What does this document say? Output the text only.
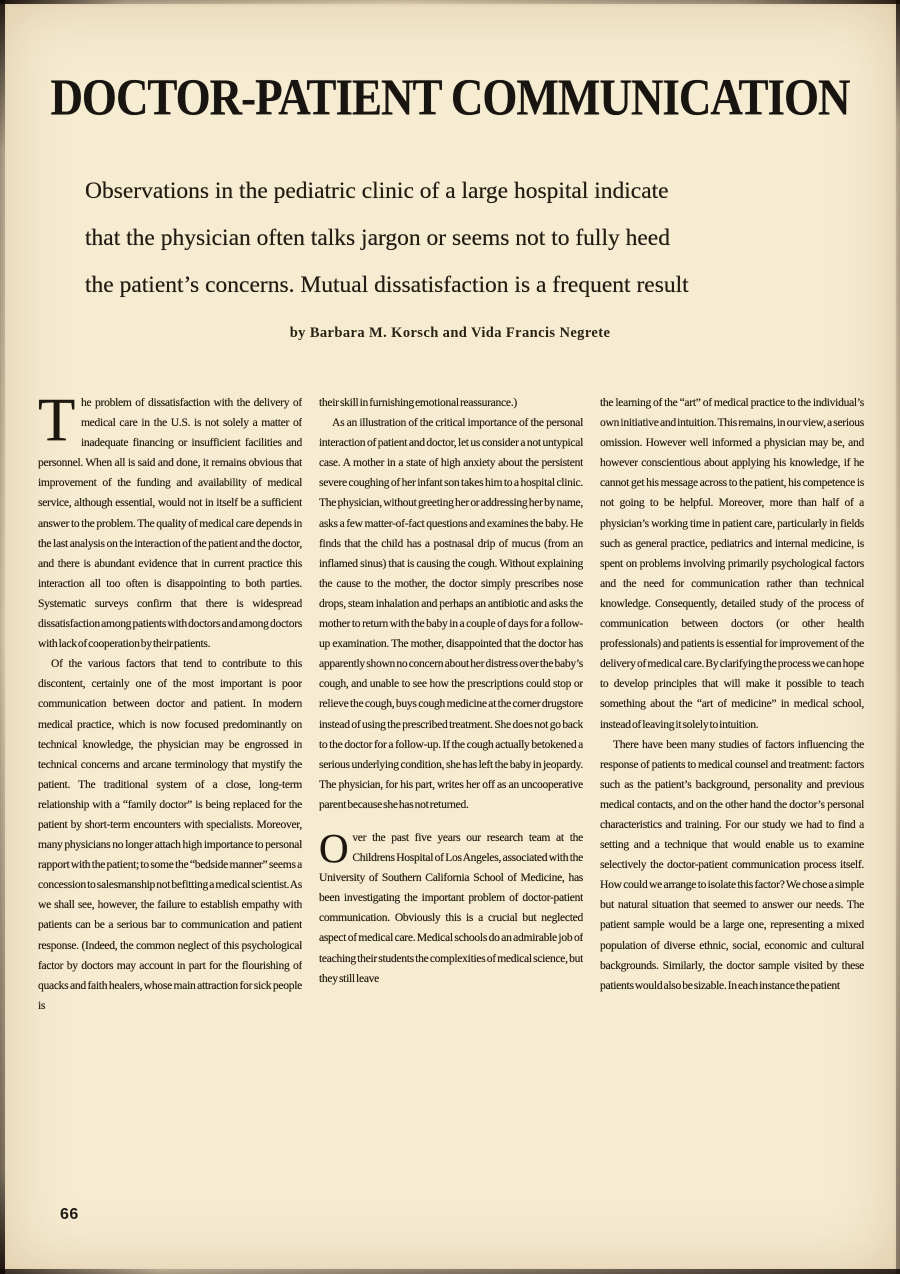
DOCTOR-PATIENT COMMUNICATION
Observations in the pediatric clinic of a large hospital indicate
that the physician often talks jargon or seems not to fully heed
the patient’s concerns. Mutual dissatisfaction is a frequent result

by Barbara M. Korsch and Vida Francis Negrete

The problem of dissatisfaction with the delivery of medical care in the U.S. is not solely a matter of inadequate financing or insufficient facilities and personnel. When all is said and done, it remains obvious that improvement of the funding and availability of medical service, although essential, would not in itself be a sufficient answer to the problem. The quality of medical care depends in the last analysis on the interaction of the patient and the doctor, and there is abundant evidence that in current practice this interaction all too often is disappointing to both parties. Systematic surveys confirm that there is widespread dissatisfaction among patients with doctors and among doctors with lack of cooperation by their patients.

Of the various factors that tend to contribute to this discontent, certainly one of the most important is poor communication between doctor and patient. In modern medical practice, which is now focused predominantly on technical knowledge, the physician may be engrossed in technical concerns and arcane terminology that mystify the patient. The traditional system of a close, long-term relationship with a “family doctor” is being replaced for the patient by short-term encounters with specialists. Moreover, many physicians no longer attach high importance to personal rapport with the patient; to some the “bedside manner” seems a concession to salesmanship not befitting a medical scientist. As we shall see, however, the failure to establish empathy with patients can be a serious bar to communication and patient response. (Indeed, the common neglect of this psychological factor by doctors may account in part for the flourishing of quacks and faith healers, whose main attraction for sick people is

their skill in furnishing emotional reassurance.)

As an illustration of the critical importance of the personal interaction of patient and doctor, let us consider a not untypical case. A mother in a state of high anxiety about the persistent severe coughing of her infant son takes him to a hospital clinic. The physician, without greeting her or addressing her by name, asks a few matter-of-fact questions and examines the baby. He finds that the child has a postnasal drip of mucus (from an inflamed sinus) that is causing the cough. Without explaining the cause to the mother, the doctor simply prescribes nose drops, steam inhalation and perhaps an antibiotic and asks the mother to return with the baby in a couple of days for a follow-up examination. The mother, disappointed that the doctor has apparently shown no concern about her distress over the baby’s cough, and unable to see how the prescriptions could stop or relieve the cough, buys cough medicine at the corner drugstore instead of using the prescribed treatment. She does not go back to the doctor for a follow-up. If the cough actually betokened a serious underlying condition, she has left the baby in jeopardy. The physician, for his part, writes her off as an uncooperative parent because she has not returned.

Over the past five years our research team at the Childrens Hospital of Los Angeles, associated with the University of Southern California School of Medicine, has been investigating the important problem of doctor-patient communication. Obviously this is a crucial but neglected aspect of medical care. Medical schools do an admirable job of teaching their students the complexities of medical science, but they still leave

the learning of the “art” of medical practice to the individual’s own initiative and intuition. This remains, in our view, a serious omission. However well informed a physician may be, and however conscientious about applying his knowledge, if he cannot get his message across to the patient, his competence is not going to be helpful. Moreover, more than half of a physician’s working time in patient care, particularly in fields such as general practice, pediatrics and internal medicine, is spent on problems involving primarily psychological factors and the need for communication rather than technical knowledge. Consequently, detailed study of the process of communication between doctors (or other health professionals) and patients is essential for improvement of the delivery of medical care. By clarifying the process we can hope to develop principles that will make it possible to teach something about the “art of medicine” in medical school, instead of leaving it solely to intuition.

There have been many studies of factors influencing the response of patients to medical counsel and treatment: factors such as the patient’s background, personality and previous medical contacts, and on the other hand the doctor’s personal characteristics and training. For our study we had to find a setting and a technique that would enable us to examine selectively the doctor-patient communication process itself. How could we arrange to isolate this factor? We chose a simple but natural situation that seemed to answer our needs. The patient sample would be a large one, representing a mixed population of diverse ethnic, social, economic and cultural backgrounds. Similarly, the doctor sample visited by these patients would also be sizable. In each instance the patient

66
